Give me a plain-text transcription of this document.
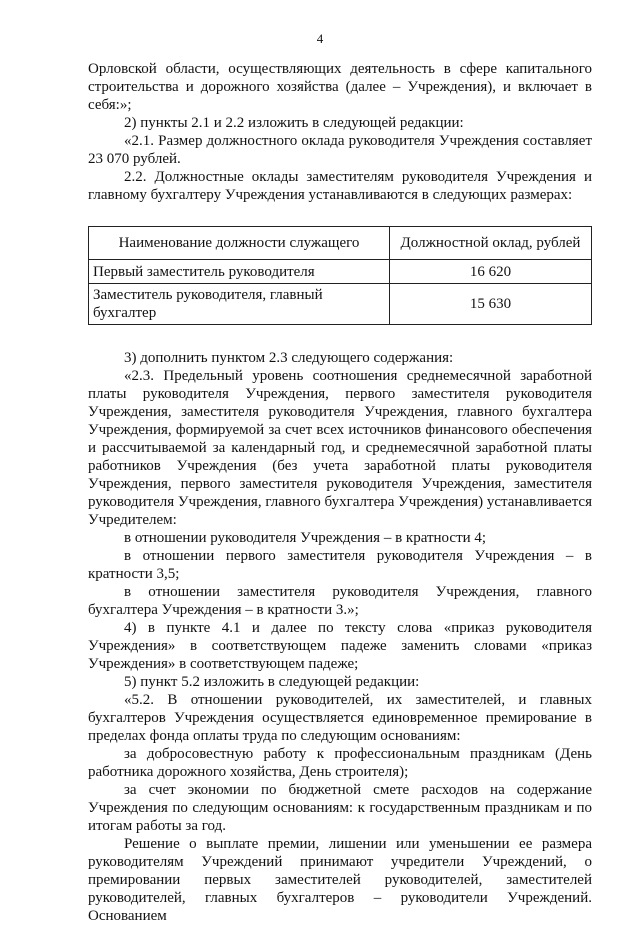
4

Орловской области, осуществляющих деятельность в сфере капитального строительства и дорожного хозяйства (далее – Учреждения), и включает в себя:»;

2) пункты 2.1 и 2.2 изложить в следующей редакции:

«2.1. Размер должностного оклада руководителя Учреждения составляет 23 070 рублей.

2.2. Должностные оклады заместителям руководителя Учреждения и главному бухгалтеру Учреждения устанавливаются в следующих размерах:

Наименование должности служащего	Должностной оклад, рублей
Первый заместитель руководителя	16 620
Заместитель руководителя, главный бухгалтер	15 630

3) дополнить пунктом 2.3 следующего содержания:

«2.3. Предельный уровень соотношения среднемесячной заработной платы руководителя Учреждения, первого заместителя руководителя Учреждения, заместителя руководителя Учреждения, главного бухгалтера Учреждения, формируемой за счет всех источников финансового обеспечения и рассчитываемой за календарный год, и среднемесячной заработной платы работников Учреждения (без учета заработной платы руководителя Учреждения, первого заместителя руководителя Учреждения, заместителя руководителя Учреждения, главного бухгалтера Учреждения) устанавливается Учредителем:

в отношении руководителя Учреждения – в кратности 4;

в отношении первого заместителя руководителя Учреждения – в кратности 3,5;

в отношении заместителя руководителя Учреждения, главного бухгалтера Учреждения – в кратности 3.»;

4) в пункте 4.1 и далее по тексту слова «приказ руководителя Учреждения» в соответствующем падеже заменить словами «приказ Учреждения» в соответствующем падеже;

5) пункт 5.2 изложить в следующей редакции:

«5.2. В отношении руководителей, их заместителей, и главных бухгалтеров Учреждения осуществляется единовременное премирование в пределах фонда оплаты труда по следующим основаниям:

за добросовестную работу к профессиональным праздникам (День работника дорожного хозяйства, День строителя);

за счет экономии по бюджетной смете расходов на содержание Учреждения по следующим основаниям: к государственным праздникам и по итогам работы за год.

Решение о выплате премии, лишении или уменьшении ее размера руководителям Учреждений принимают учредители Учреждений, о премировании первых заместителей руководителей, заместителей руководителей, главных бухгалтеров – руководители Учреждений. Основанием
